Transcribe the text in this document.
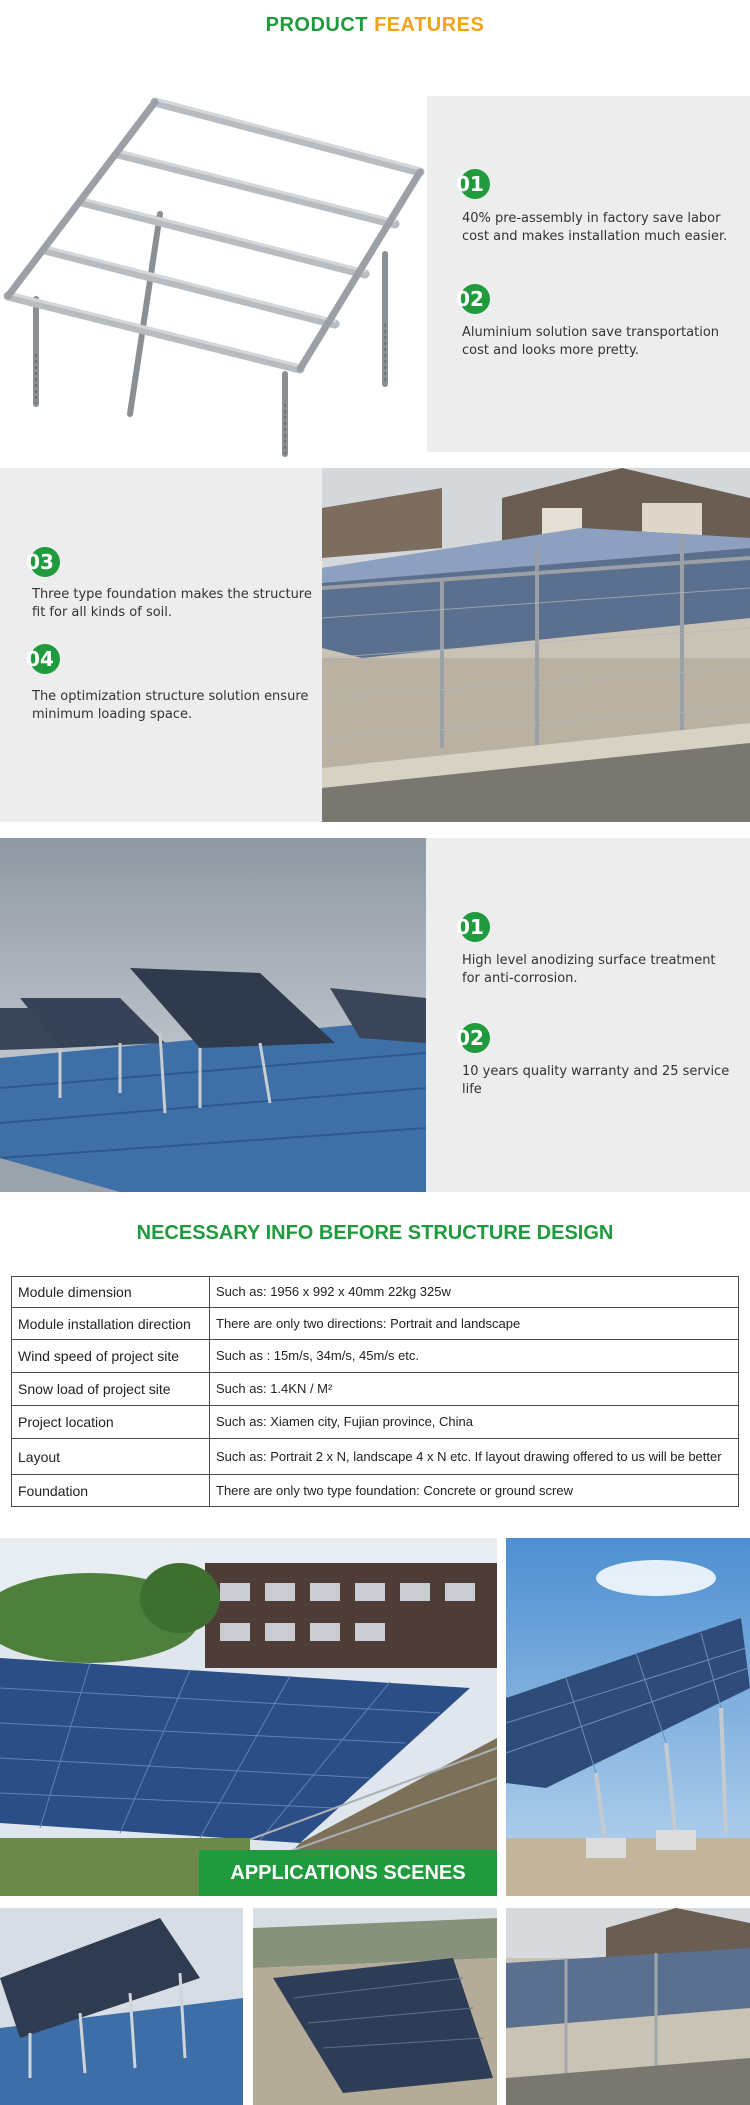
PRODUCT FEATURES
01
40% pre-assembly in factory save labor
cost and makes installation much easier.
02
Aluminium solution save transportation
cost and looks more pretty.
03
Three type foundation makes the structure
fit for all kinds of soil.
04
The optimization structure solution ensure
minimum loading space.
01
High level anodizing surface treatment
for anti-corrosion.
02
10 years quality warranty and 25 service
life
NECESSARY INFO BEFORE STRUCTURE DESIGN
Module dimension	Such as: 1956 x 992 x 40mm 22kg 325w
Module installation direction	There are only two directions: Portrait and landscape
Wind speed of project site	Such as : 15m/s, 34m/s, 45m/s etc.
Snow load of project site	Such as: 1.4KN / M²
Project location	Such as: Xiamen city, Fujian province, China
Layout	Such as: Portrait 2 x N, landscape 4 x N etc. If layout drawing offered to us will be better
Foundation	There are only two type foundation: Concrete or ground screw
APPLICATIONS SCENES
